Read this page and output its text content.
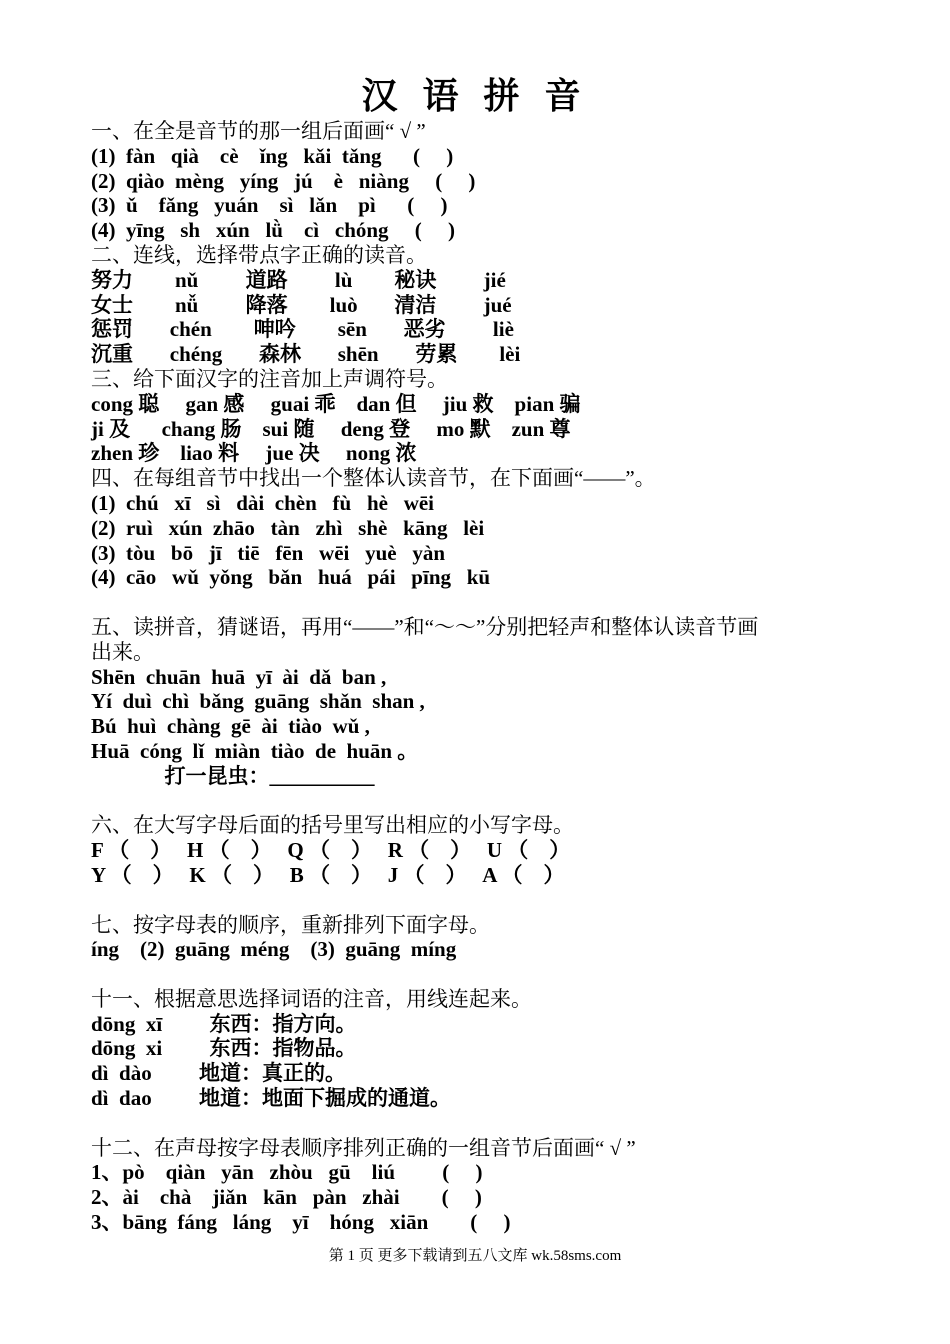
汉 语 拼 音
一、在全是音节的那一组后面画“ √ ”
(1)  fàn   qià    cè    ǐng   kǎi  tǎng      (     )
(2)  qiào  mèng   yíng   jú    è   niàng     (     )
(3)  ǔ    fǎng   yuán    sì   lǎn    pì      (     )
(4)  yīng   sh   xún   lǜ    cì   chóng     (     )
二、连线，选择带点字正确的读音。
努力        nǔ         道路         lù        秘诀         jié
女士        nǚ         降落        luò       清洁         jué
惩罚       chén        呻吟        sēn       恶劣         liè
沉重       chéng       森林       shēn       劳累        lèi
三、给下面汉字的注音加上声调符号。
cong 聪     gan 感     guai 乖    dan 但     jiu 救    pian 骗
ji 及      chang 肠    sui 随     deng 登     mo 默    zun 尊
zhen 珍    liao 料     jue 决     nong 浓
四、在每组音节中找出一个整体认读音节，在下面画“——”。
(1)  chú   xī   sì   dài  chèn   fù   hè   wēi
(2)  ruì   xún  zhāo   tàn   zhì   shè   kāng   lèi
(3)  tòu   bō   jī   tiē   fēn   wēi   yuè   yàn
(4)  cāo   wǔ  yǒng   bǎn   huá   pái   pīng   kū
五、读拼音，猜谜语，再用“——”和“～～”分别把轻声和整体认读音节画
出来。
Shēn  chuān  huā  yī  ài  dǎ  ban ,
Yí  duì  chì  bǎng  guāng  shǎn  shan ,
Bú  huì  chàng  gē  ài  tiào  wǔ ,
Huā  cóng  lǐ  miàn  tiào  de  huān 。
打一昆虫：__________
六、在大写字母后面的括号里写出相应的小写字母。
F （    ）   H （    ）   Q （    ）   R （    ）   U （    ）
Y （    ）   K （    ）   B （    ）   J （    ）   A （    ）
七、按字母表的顺序，重新排列下面字母。
íng    (2)  guāng  méng    (3)  guāng  míng
十一、根据意思选择词语的注音，用线连起来。
dōng  xī         东西：指方向。
dōng  xi         东西：指物品。
dì  dào         地道：真正的。
dì  dao         地道：地面下掘成的通道。
十二、在声母按字母表顺序排列正确的一组音节后面画“ √ ”
1、pò    qiàn   yān   zhòu   gū    liú         (     )
2、ài    chà    jiǎn   kān   pàn   zhài        (     )
3、bāng  fáng   láng    yī    hóng   xiān        (     )
第 1 页 更多下载请到五八文库 wk.58sms.com
